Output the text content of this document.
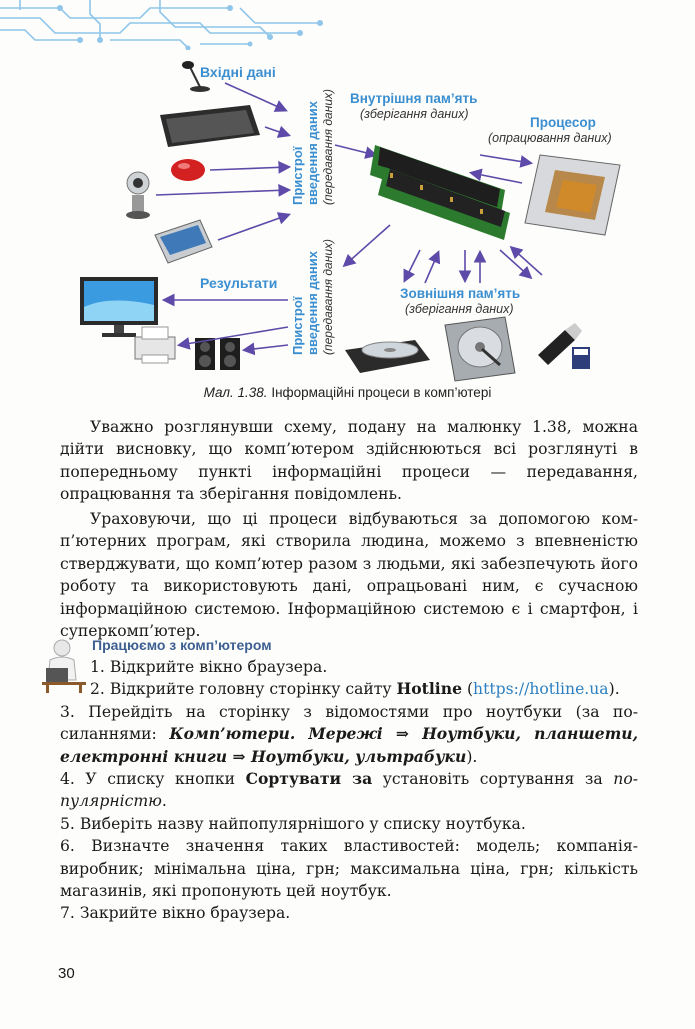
Вхідні дані
Пристрої введення даних (передавання даних) Внутрішня пам’ять
(зберігання даних)
Процесор
(опрацювання даних)
Результати
Пристрої введення даних (передавання даних)	Зовнішня пам’ять
(зберігання даних)
Мал. 1.38. Інформаційні процеси в комп’ютері

Уважно розглянувши схему, подану на малюнку 1.38, можна дійти висновку, що комп’ютером здійснюються всі розглянуті в попередньому пункті інформаційні процеси — передавання, опрацювання та зберігання повідомлень.

Ураховуючи, що ці процеси відбуваються за допомогою комп’ютерних програм, які створила людина, можемо з впевненістю стверджувати, що комп’ютер разом з людьми, які забезпечують його роботу та використовують дані, опрацьовані ним, є сучасною інформаційною системою. Інформаційною системою є і смартфон, і суперкомп’ютер.

Працюємо з комп’ютером
1. Відкрийте вікно браузера.
2. Відкрийте головну сторінку сайту Hotline (https://hotline.ua).
3. Перейдіть на сторінку з відомостями про ноутбуки (за посиланнями: Комп’ютери. Мережі ⇒ Ноутбуки, планшети, електронні книги ⇒ Ноутбуки, ультрабуки).
4. У списку кнопки Сортувати за установіть сортування за популярністю.
5. Виберіть назву найпопулярнішого у списку ноутбука.
6. Визначте значення таких властивостей: модель; компанія-виробник; мінімальна ціна, грн; максимальна ціна, грн; кількість магазинів, які пропонують цей ноутбук.
7. Закрийте вікно браузера.
30
